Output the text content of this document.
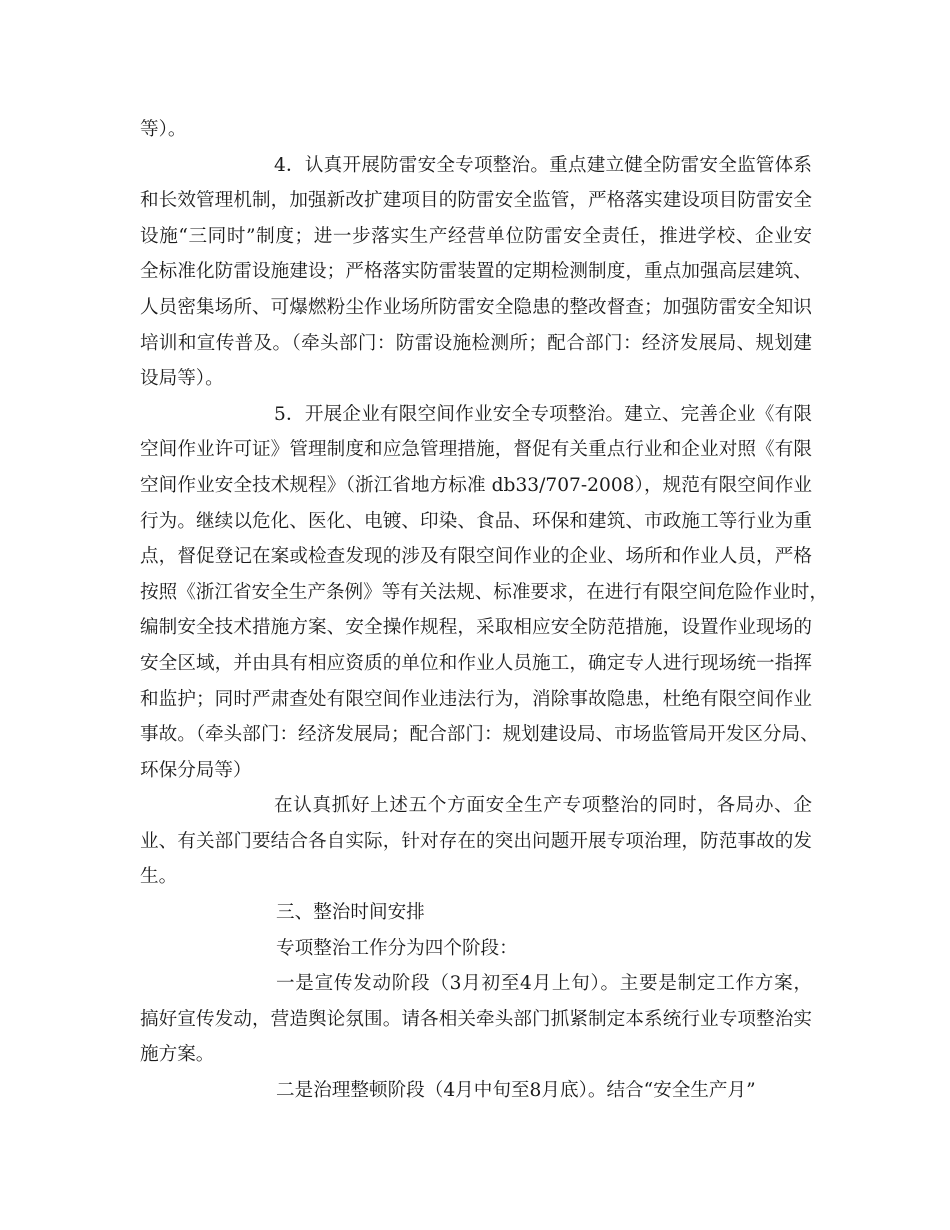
等）。
4．认真开展防雷安全专项整治。重点建立健全防雷安全监管体系
和长效管理机制，加强新改扩建项目的防雷安全监管，严格落实建设项目防雷安全
设施“三同时”制度；进一步落实生产经营单位防雷安全责任，推进学校、企业安
全标准化防雷设施建设；严格落实防雷装置的定期检测制度，重点加强高层建筑、
人员密集场所、可爆燃粉尘作业场所防雷安全隐患的整改督查；加强防雷安全知识
培训和宣传普及。（牵头部门：防雷设施检测所；配合部门：经济发展局、规划建
设局等）。
5．开展企业有限空间作业安全专项整治。建立、完善企业《有限
空间作业许可证》管理制度和应急管理措施，督促有关重点行业和企业对照《有限
空间作业安全技术规程》（浙江省地方标准 db33/707-2008），规范有限空间作业
行为。继续以危化、医化、电镀、印染、食品、环保和建筑、市政施工等行业为重
点，督促登记在案或检查发现的涉及有限空间作业的企业、场所和作业人员，严格
按照《浙江省安全生产条例》等有关法规、标准要求，在进行有限空间危险作业时，
编制安全技术措施方案、安全操作规程，采取相应安全防范措施，设置作业现场的
安全区域，并由具有相应资质的单位和作业人员施工，确定专人进行现场统一指挥
和监护；同时严肃查处有限空间作业违法行为，消除事故隐患，杜绝有限空间作业
事故。（牵头部门：经济发展局；配合部门：规划建设局、市场监管局开发区分局、
环保分局等）
在认真抓好上述五个方面安全生产专项整治的同时，各局办、企
业、有关部门要结合各自实际，针对存在的突出问题开展专项治理，防范事故的发
生。
三、整治时间安排
专项整治工作分为四个阶段：
一是宣传发动阶段（3月初至4月上旬）。主要是制定工作方案，
搞好宣传发动，营造舆论氛围。请各相关牵头部门抓紧制定本系统行业专项整治实
施方案。
二是治理整顿阶段（4月中旬至8月底）。结合“安全生产月”
